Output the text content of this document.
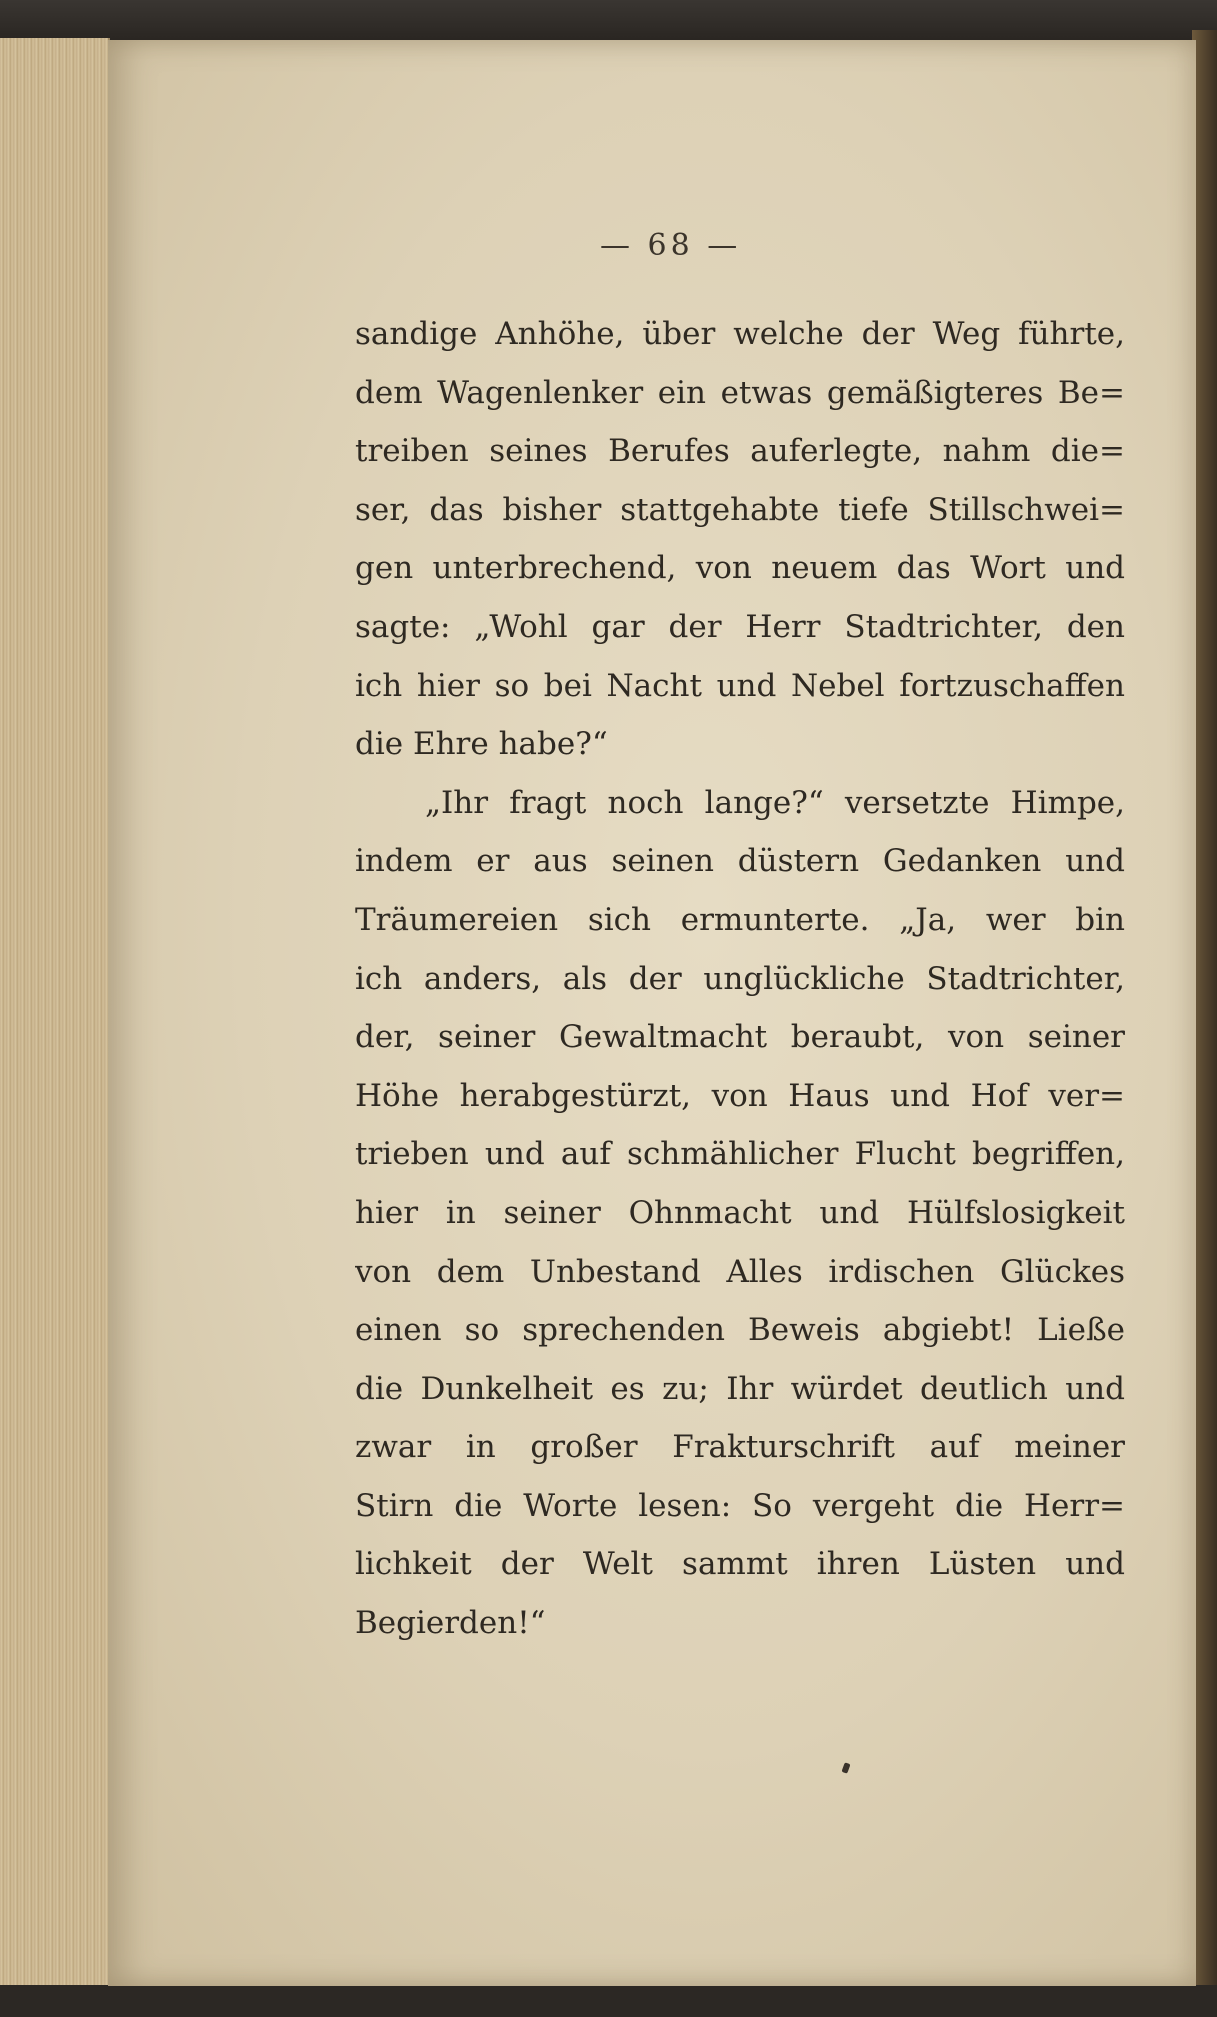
— 68 —
sandige Anhöhe, über welche der Weg führte,
dem Wagenlenker ein etwas gemäßigteres Be=
treiben seines Berufes auferlegte, nahm die=
ser, das bisher stattgehabte tiefe Stillschwei=
gen unterbrechend, von neuem das Wort und
sagte: „Wohl gar der Herr Stadtrichter, den
ich hier so bei Nacht und Nebel fortzuschaffen
die Ehre habe?“
„Ihr fragt noch lange?“ versetzte Himpe,
indem er aus seinen düstern Gedanken und
Träumereien sich ermunterte. „Ja, wer bin
ich anders, als der unglückliche Stadtrichter,
der, seiner Gewaltmacht beraubt, von seiner
Höhe herabgestürzt, von Haus und Hof ver=
trieben und auf schmählicher Flucht begriffen,
hier in seiner Ohnmacht und Hülfslosigkeit
von dem Unbestand Alles irdischen Glückes
einen so sprechenden Beweis abgiebt! Ließe
die Dunkelheit es zu; Ihr würdet deutlich und
zwar in großer Frakturschrift auf meiner
Stirn die Worte lesen: So vergeht die Herr=
lichkeit der Welt sammt ihren Lüsten und
Begierden!“
